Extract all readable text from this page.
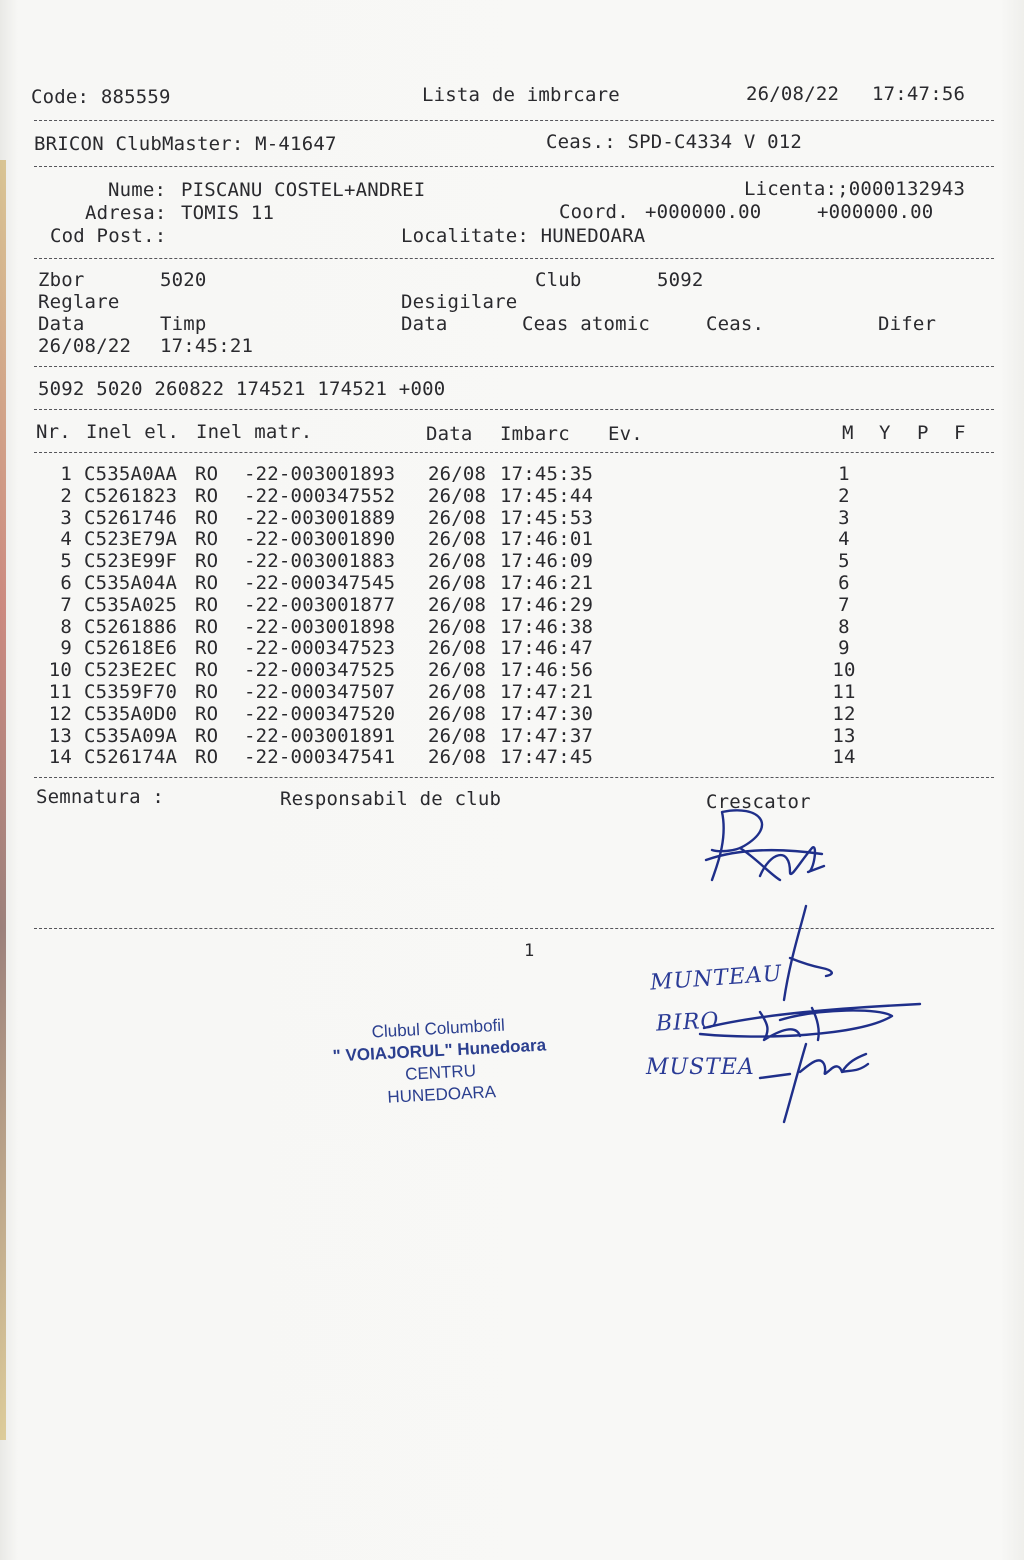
Code: 885559	Lista de imbrcare	26/08/22 17:47:56
BRICON ClubMaster: M-41647	Ceas.: SPD-C4334 V 012
Nume: PISCANU COSTEL+ANDREI	Licenta:;0000132943
Adresa: TOMIS 11	Coord. +000000.00	+000000.00
Cod Post.:	Localitate: HUNEDOARA
Zbor	5020	Club	5092
Reglare	Desigilare
Data	Timp	Data	Ceas atomic	Ceas.	Difer
26/08/22 17:45:21
5092 5020 260822 174521 174521 +000
Nr. Inel el. Inel matr.	Data Imbarc Ev.	M Y P F
1 C535A0AA RO -22-003001893 26/08 17:45:35	1
2 C5261823 RO -22-000347552 26/08 17:45:44	2
3 C5261746 RO -22-003001889 26/08 17:45:53	3
4 C523E79A RO -22-003001890 26/08 17:46:01	4
5 C523E99F RO -22-003001883 26/08 17:46:09	5
6 C535A04A RO -22-000347545 26/08 17:46:21	6
7 C535A025 RO -22-003001877 26/08 17:46:29	7
8 C5261886 RO -22-003001898 26/08 17:46:38	8
9 C52618E6 RO -22-000347523 26/08 17:46:47	9
10 C523E2EC RO -22-000347525 26/08 17:46:56	10
11 C5359F70 RO -22-000347507 26/08 17:47:21	11
12 C535A0D0 RO -22-000347520 26/08 17:47:30	12
13 C535A09A RO -22-003001891 26/08 17:47:37	13
14 C526174A RO -22-000347541 26/08 17:47:45	14
Semnatura :	Responsabil de club	Crescator
1
Clubul Columbofil
" VOIAJORUL" Hunedoara
CENTRU
HUNEDOARA
MUNTEAU
BIRO
MUSTEA
